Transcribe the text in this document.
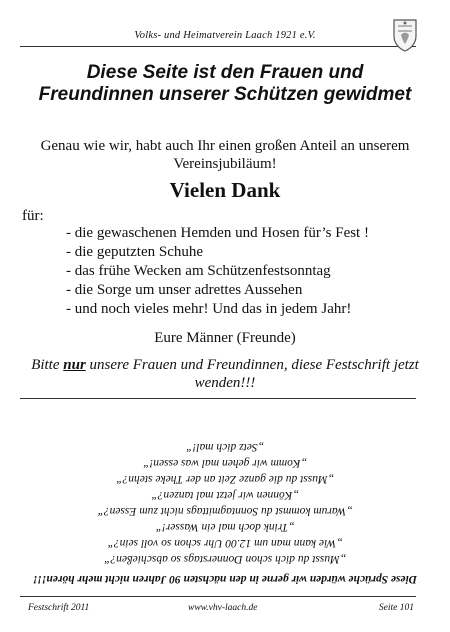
Volks- und Heimatverein Laach 1921 e.V.
Diese Seite ist den Frauen und Freundinnen unserer Schützen gewidmet
Genau wie wir, habt auch Ihr einen großen Anteil an unserem Vereinsjubiläum!
Vielen Dank
für:
- die gewaschenen Hemden und Hosen für’s Fest !
- die geputzten Schuhe
- das frühe Wecken am Schützenfestsonntag
- die Sorge um unser adrettes Aussehen
- und noch vieles mehr! Und das in jedem Jahr!
Eure Männer (Freunde)
Bitte nur unsere Frauen und Freundinnen, diese Festschrift jetzt wenden!!!
Diese Sprüche würden wir gerne in den nächsten 90 Jahren nicht mehr hören!!!
„Musst du dich schon Donnerstags so abschießen?“
„Wie kann man um 12.00 Uhr schon so voll sein?“
„Trink doch mal ein Wasser!“
„Warum kommst du Sonntagmittags nicht zum Essen?“
„Können wir jetzt mal tanzen?“
„Musst du die ganze Zeit an der Theke stehn?“
„Komm wir gehen mal was essen!“
„Setz dich mal!“
Festschrift 2011	www.vhv-laach.de	Seite 101
